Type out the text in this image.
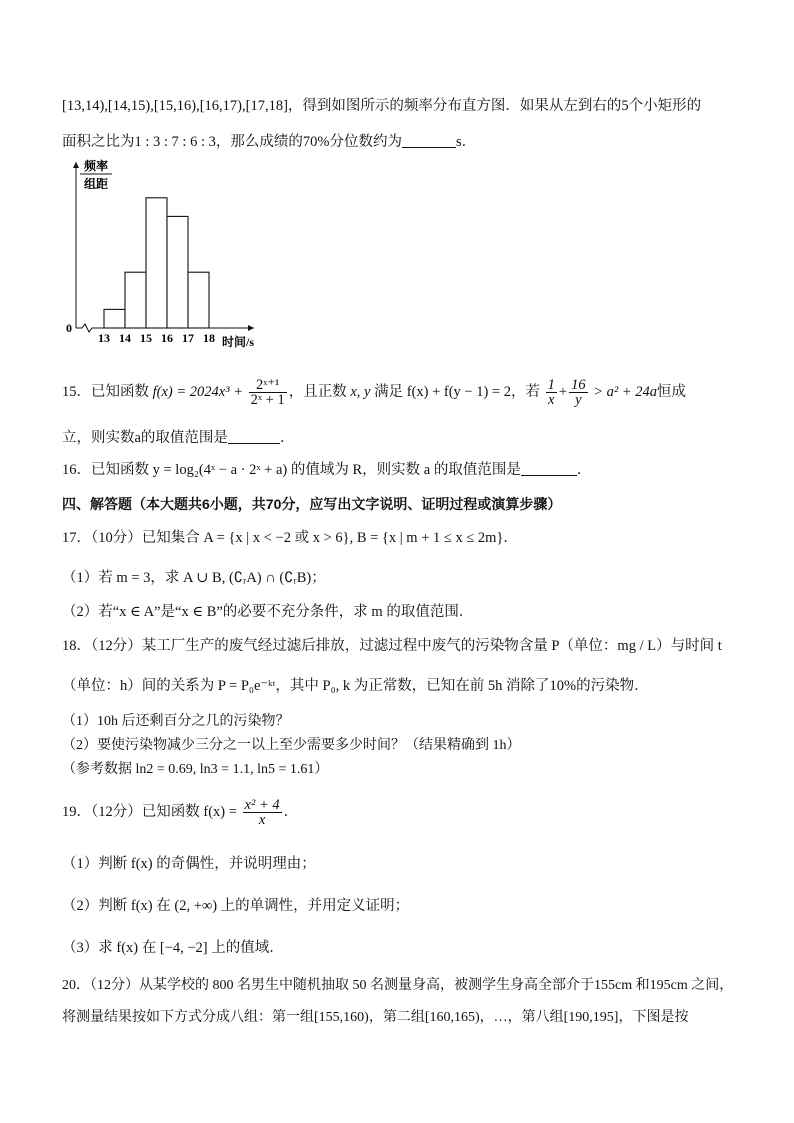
[13,14),[14,15),[15,16),[16,17),[17,18]，得到如图所示的频率分布直方图．如果从左到右的5个小矩形的
面积之比为1 : 3 : 7 : 6 : 3，那么成绩的70%分位数约为	s．
13 14 15 16 17 18
频率
组距
0
时间/s
15．已知函数 $f(x) = 2024x^3 + \frac{\text{2ˣ⁺¹}}{\text{2ˣ + 1}}$ ，且正数 x, y 满足 f(x) + f(y − 1) = 2，若 $\frac{1}{x} + \frac{16}{y} > a^2 + 24a$恒成
立，则实数a的取值范围是	．
16．已知函数 y = log₂(4ˣ − a · 2ˣ + a) 的值域为 R，则实数 a 的取值范围是	．
四、解答题（本大题共6小题，共70分，应写出文字说明、证明过程或演算步骤）
17．（10分）已知集合 A = {x | x < −2 或 x > 6}, B = {x | m + 1 ≤ x ≤ 2m}．
（1）若 m = 3，求 A ∪ B, (∁ᵣA) ∩ (∁ᵣB)；
（2）若“x ∈ A”是“x ∈ B”的必要不充分条件，求 m 的取值范围．
18．（12分）某工厂生产的废气经过滤后排放，过滤过程中废气的污染物含量 P（单位：mg / L）与时间 t
（单位：h）间的关系为 P = P₀e⁻ᵏᵗ，其中 P₀, k 为正常数，已知在前 5h 消除了10%的污染物．
（1）10h 后还剩百分之几的污染物？
（2）要使污染物减少三分之一以上至少需要多少时间？（结果精确到 1h）
（参考数据 ln2 = 0.69, ln3 = 1.1, ln5 = 1.61）
19．（12分）已知函数 $f(x) = \frac{\text{x² + 4}}{x}$ ．
（1）判断 f(x) 的奇偶性，并说明理由；
（2）判断 f(x) 在 (2, +∞) 上的单调性，并用定义证明；
（3）求 f(x) 在 [−4, −2] 上的值域．
20．（12分）从某学校的 800 名男生中随机抽取 50 名测量身高，被测学生身高全部介于155cm 和195cm 之间，
将测量结果按如下方式分成八组：第一组[155,160)，第二组[160,165)，…，第八组[190,195]，下图是按
